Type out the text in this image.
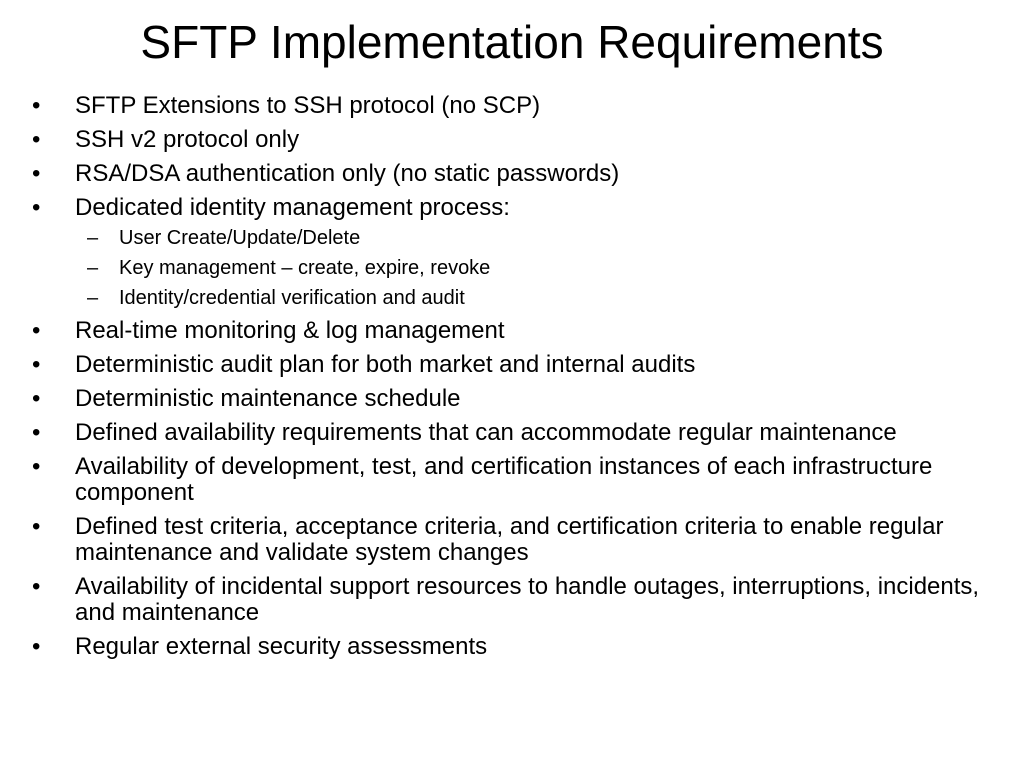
SFTP Implementation Requirements
• SFTP Extensions to SSH protocol (no SCP)
• SSH v2 protocol only
• RSA/DSA authentication only (no static passwords)
• Dedicated identity management process:
– User Create/Update/Delete
– Key management – create, expire, revoke
– Identity/credential verification and audit
• Real-time monitoring & log management
• Deterministic audit plan for both market and internal audits
• Deterministic maintenance schedule
• Defined availability requirements that can accommodate regular maintenance
• Availability of development, test, and certification instances of each infrastructure component
• Defined test criteria, acceptance criteria, and certification criteria to enable regular maintenance and validate system changes
• Availability of incidental support resources to handle outages, interruptions, incidents, and maintenance
• Regular external security assessments
